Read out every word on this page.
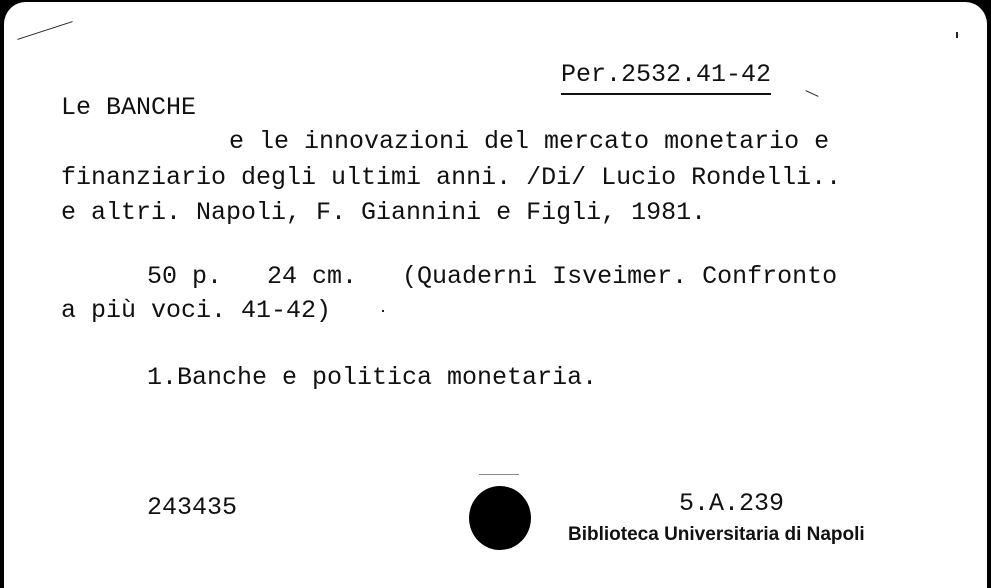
Per.2532.41-42
Le BANCHE
e le innovazioni del mercato monetario e
finanziario degli ultimi anni. /Di/ Lucio Rondelli..
e altri. Napoli, F. Giannini e Figli, 1981.
50 p.   24 cm.   (Quaderni Isveimer. Confronto
a più voci. 41-42)
1.Banche e politica monetaria.
243435	5.A.239
Biblioteca Universitaria di Napoli
